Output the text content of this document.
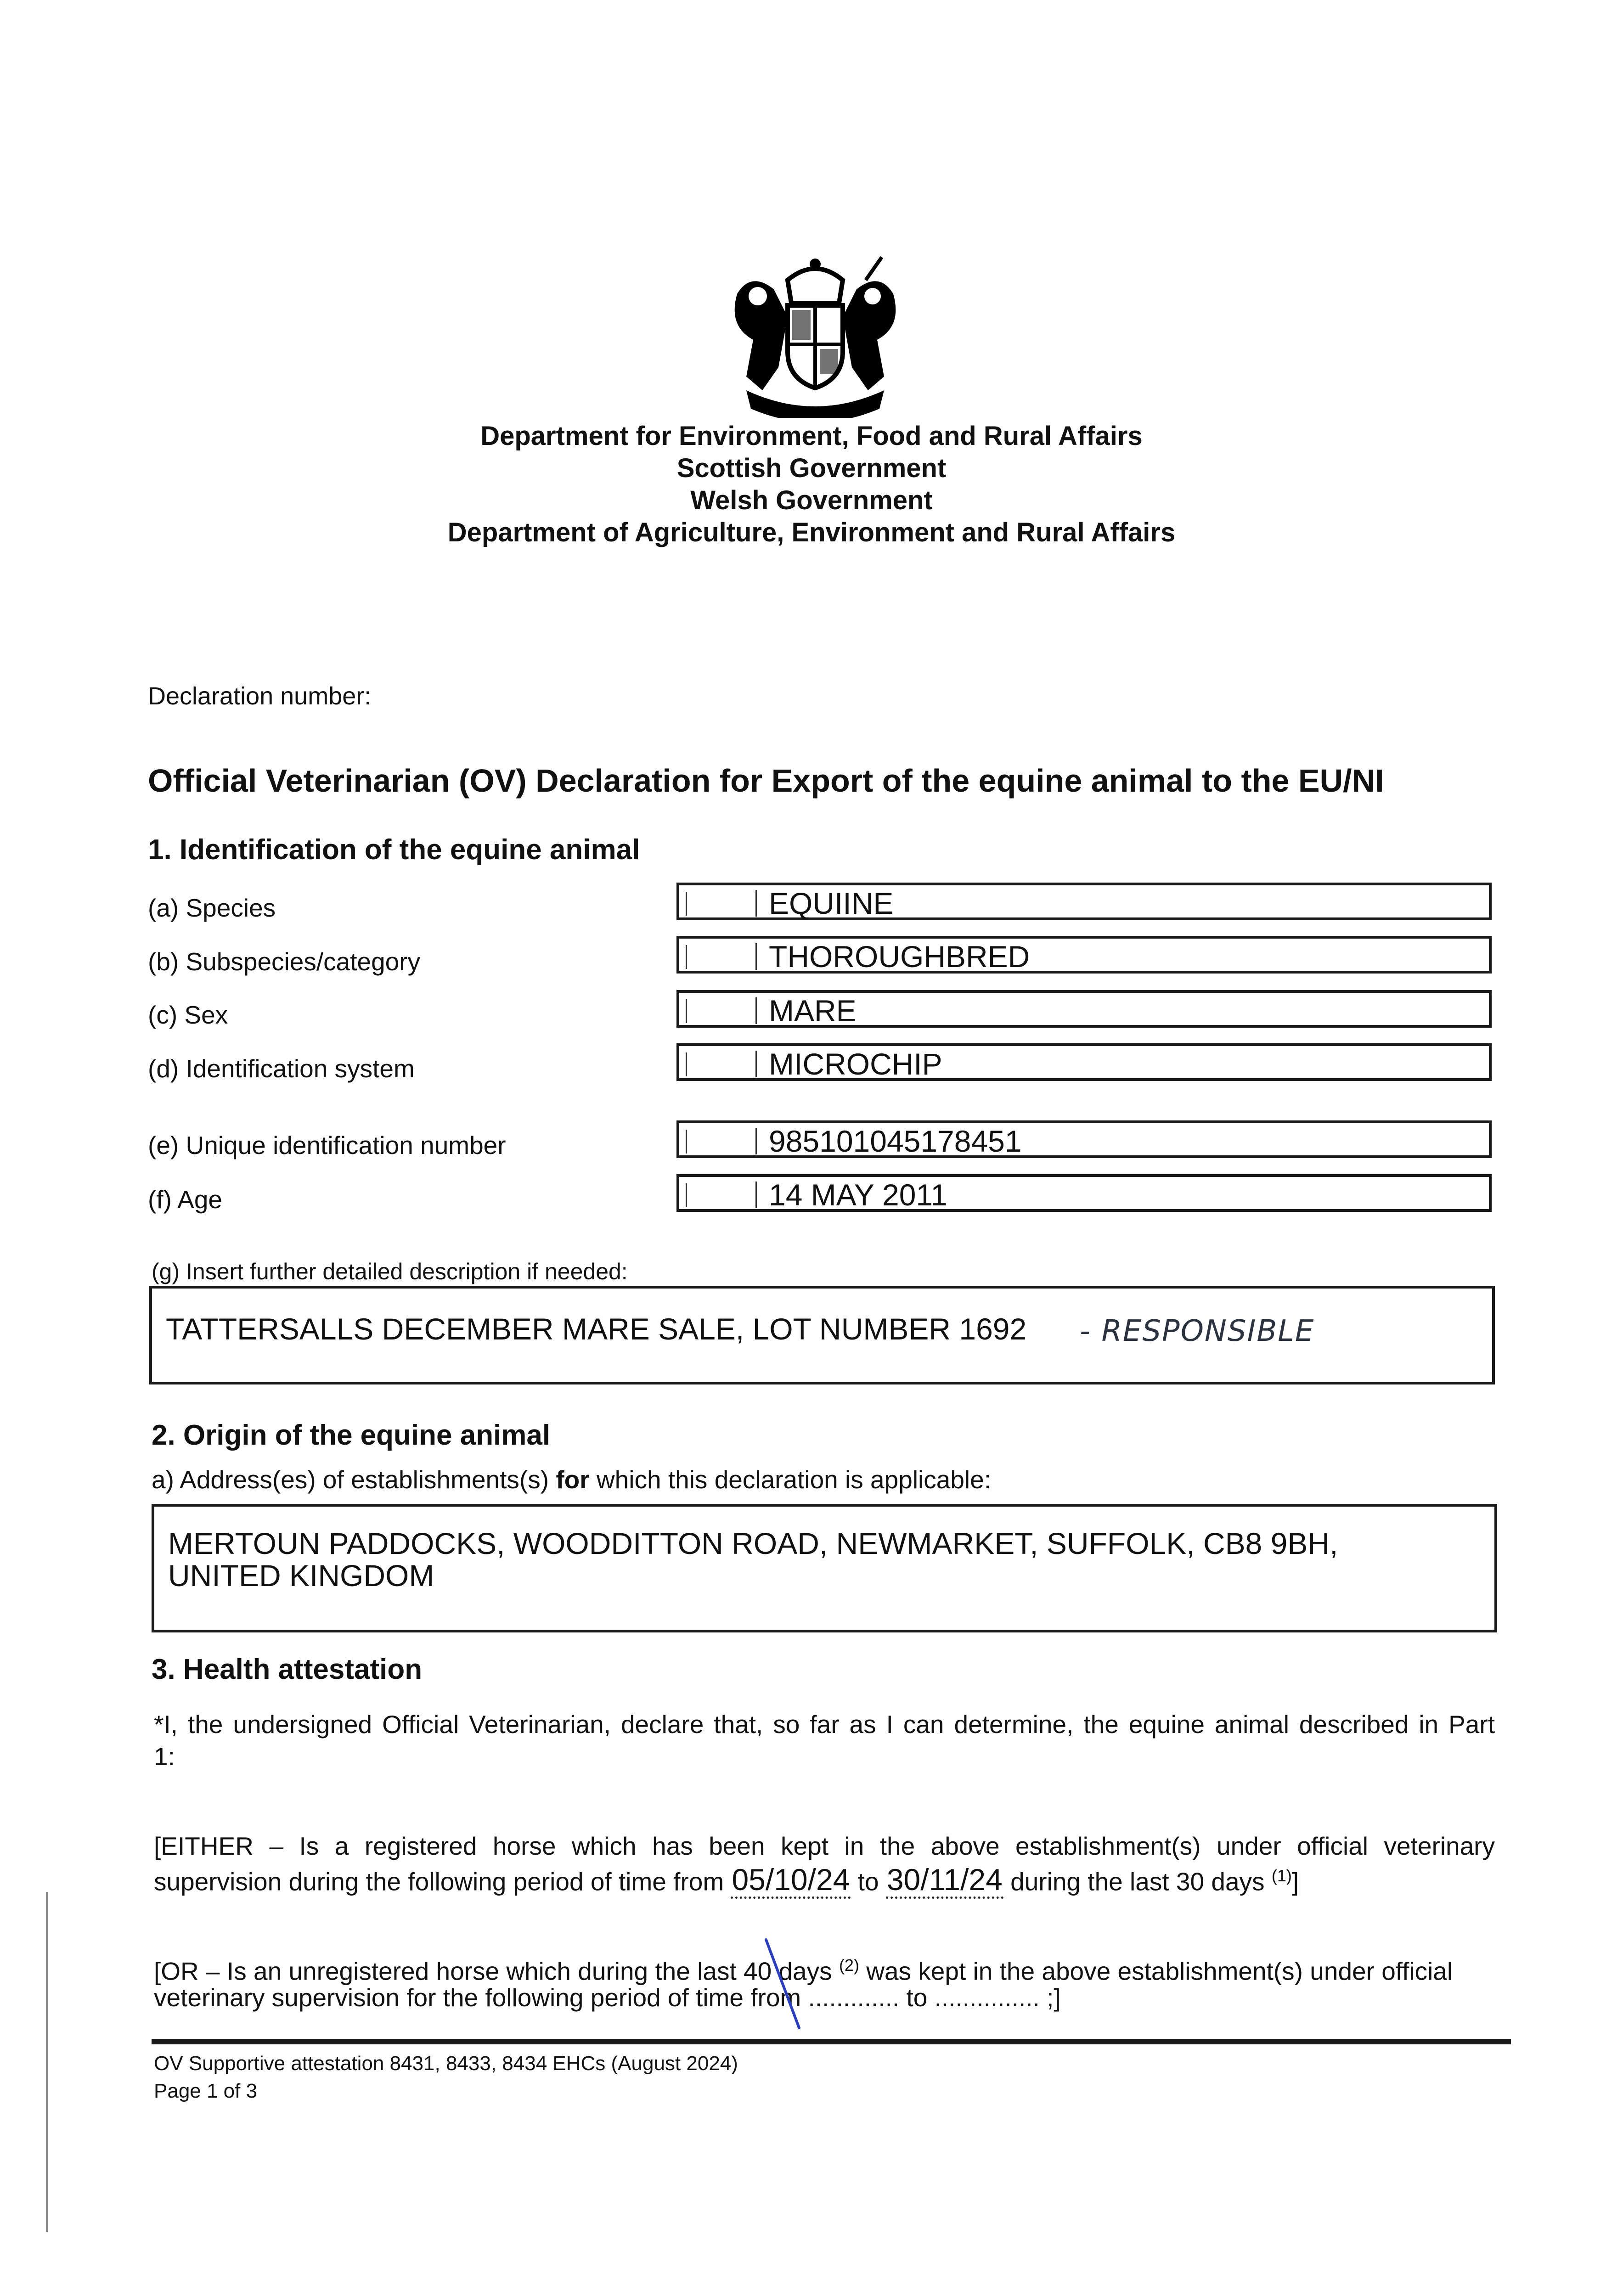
Department for Environment, Food and Rural Affairs
Scottish Government
Welsh Government
Department of Agriculture, Environment and Rural Affairs
Declaration number:
Official Veterinarian (OV) Declaration for Export of the equine animal to the EU/NI
1. Identification of the equine animal
(a) Species	EQUIINE
(b) Subspecies/category	THOROUGHBRED
(c) Sex	MARE
(d) Identification system	MICROCHIP
(e) Unique identification number	985101045178451
(f) Age	14 MAY 2011
(g) Insert further detailed description if needed:
TATTERSALLS DECEMBER MARE SALE, LOT NUMBER 1692 - RESPONSIBLE
2. Origin of the equine animal
a) Address(es) of establishments(s) for which this declaration is applicable:
MERTOUN PADDOCKS, WOODDITTON ROAD, NEWMARKET, SUFFOLK, CB8 9BH,
UNITED KINGDOM
3. Health attestation
*I, the undersigned Official Veterinarian, declare that, so far as I can determine, the equine animal described in Part
1:
[EITHER – Is a registered horse which has been kept in the above establishment(s) under official veterinary
supervision during the following period of time from 05/10/24 to 30/11/24 during the last 30 days $^{(1)}$]
[OR – Is an unregistered horse which during the last 40 days $^{(2)}$ was kept in the above establishment(s) under official
veterinary supervision for the following period of time from ............. to ............... ;]
OV Supportive attestation 8431, 8433, 8434 EHCs (August 2024)
Page 1 of 3
